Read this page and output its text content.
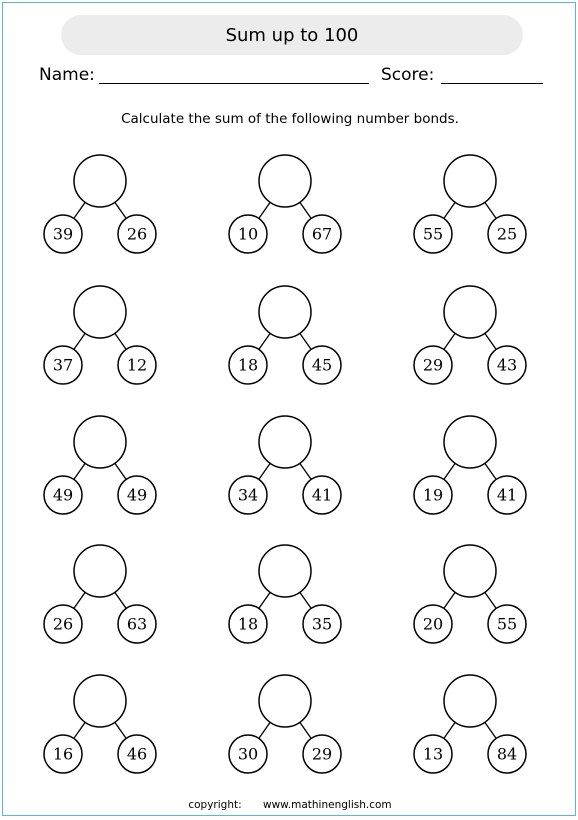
Sum up to 100
Name:	Score:
Calculate the sum of the following number bonds.
39	26	10	67	55	25
37	12	18	45	29	43
49	49	34	41	19	41
26	63	18	35	20	55
16	46	30	29	13	84
copyright: www.mathinenglish.com
